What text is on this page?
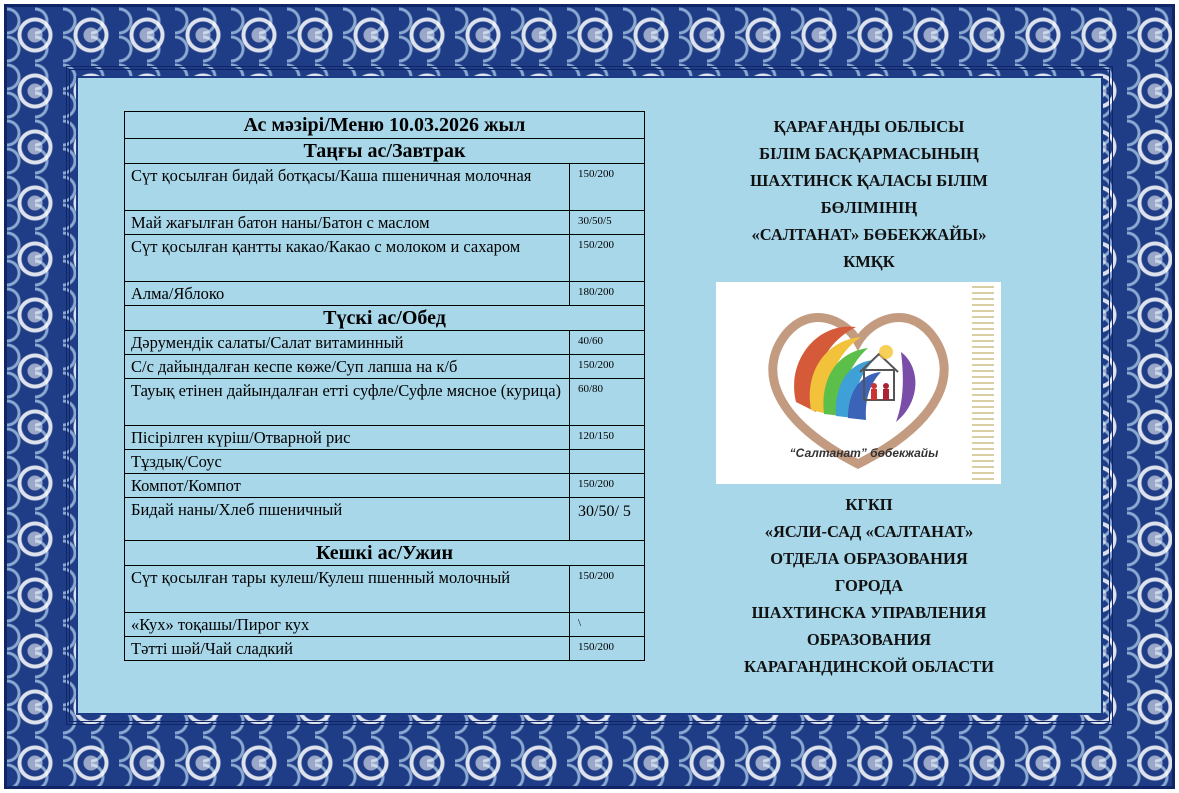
Ас мәзірі/Меню 10.03.2026 жыл	
Таңғы ас/Завтрак	
Сүт қосылған бидай ботқасы/Каша пшеничная молочная	150/200
Май жағылған батон наны/Батон с маслом	30/50/5
Сүт қосылған қантты какао/Какао с молоком и сахаром	150/200
Алма/Яблоко	180/200
Түскі ас/Обед	
Дәрумендік салаты/Салат витаминный	40/60
С/с дайындалған кеспе көже/Суп лапша на к/б	150/200
Тауық етінен дайындалған етті суфле/Суфле мясное (курица)	60/80
Пісірілген күріш/Отварной рис	120/150
Тұздық/Соус	
Компот/Компот	150/200
Бидай наны/Хлеб пшеничный	30/50/ 5
Кешкі ас/Ужин	
Сүт қосылған тары кулеш/Кулеш пшенный молочный	150/200
«Кух» тоқашы/Пирог кух	\
Тәтті шәй/Чай сладкий	150/200
ҚАРАҒАНДЫ ОБЛЫСЫ
БІЛІМ БАСҚАРМАСЫНЫҢ
ШАХТИНСК ҚАЛАСЫ БІЛІМ
БӨЛІМІНІҢ
«САЛТАНАТ» БӨБЕКЖАЙЫ»
КМҚК
“Салтанат” бөбекжайы
КГКП
«ЯСЛИ-САД «САЛТАНАТ»
ОТДЕЛА ОБРАЗОВАНИЯ
ГОРОДА
ШАХТИНСКА УПРАВЛЕНИЯ
ОБРАЗОВАНИЯ
КАРАГАНДИНСКОЙ ОБЛАСТИ
